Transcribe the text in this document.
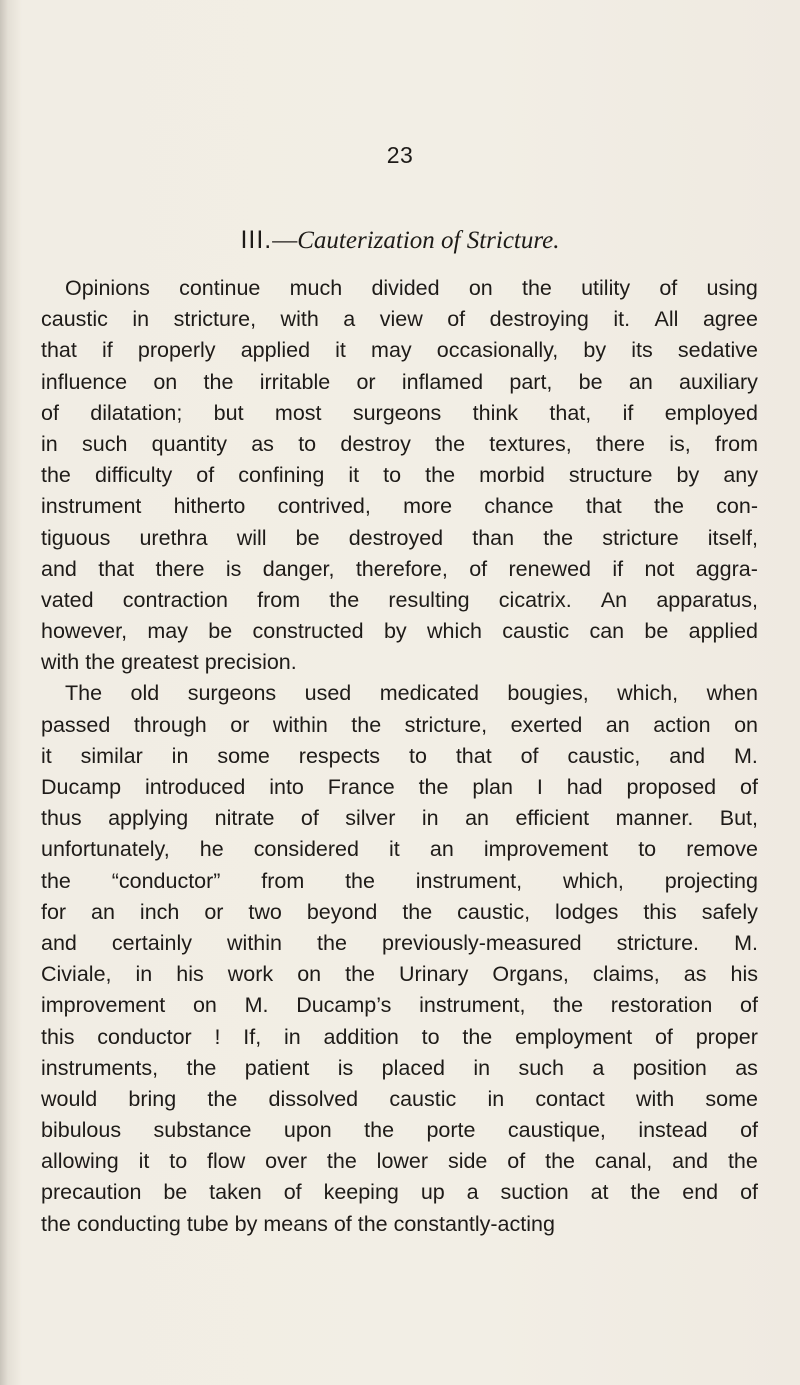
23
III.—Cauterization of Stricture.
Opinions continue much divided on the utility of using
caustic in stricture, with a view of destroying it. All agree
that if properly applied it may occasionally, by its sedative
influence on the irritable or inflamed part, be an auxiliary
of dilatation; but most surgeons think that, if employed
in such quantity as to destroy the textures, there is, from
the difficulty of confining it to the morbid structure by any
instrument hitherto contrived, more chance that the con-
tiguous urethra will be destroyed than the stricture itself,
and that there is danger, therefore, of renewed if not aggra-
vated contraction from the resulting cicatrix. An apparatus,
however, may be constructed by which caustic can be applied
with the greatest precision.
The old surgeons used medicated bougies, which, when
passed through or within the stricture, exerted an action on
it similar in some respects to that of caustic, and M.
Ducamp introduced into France the plan I had proposed of
thus applying nitrate of silver in an efficient manner. But,
unfortunately, he considered it an improvement to remove
the “conductor” from the instrument, which, projecting
for an inch or two beyond the caustic, lodges this safely
and certainly within the previously-measured stricture. M.
Civiale, in his work on the Urinary Organs, claims, as his
improvement on M. Ducamp’s instrument, the restoration of
this conductor ! If, in addition to the employment of proper
instruments, the patient is placed in such a position as
would bring the dissolved caustic in contact with some
bibulous substance upon the porte caustique, instead of
allowing it to flow over the lower side of the canal, and the
precaution be taken of keeping up a suction at the end of
the conducting tube by means of the constantly-acting
